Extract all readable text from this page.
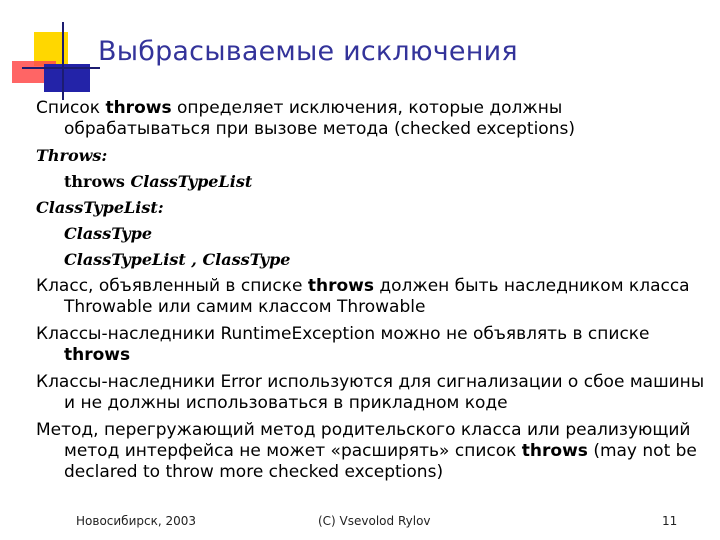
Выбрасываемые исключения

Список throws определяет исключения, которые должны обрабатываться при вызове метода (checked exceptions)

Throws:

throws ClassTypeList

ClassTypeList:

ClassType

ClassTypeList , ClassType

Класс, объявленный в списке throws должен быть наследником класса Throwable или самим классом Throwable

Классы-наследники RuntimeException можно не объявлять в списке throws

Классы-наследники Error используются для сигнализации о сбое машины и не должны использоваться в прикладном коде

Метод, перегружающий метод родительского класса или реализующий метод интерфейса не может «расширять» список throws (may not be declared to throw more checked exceptions)

Новосибирск, 2003	(C) Vsevolod Rylov	11
